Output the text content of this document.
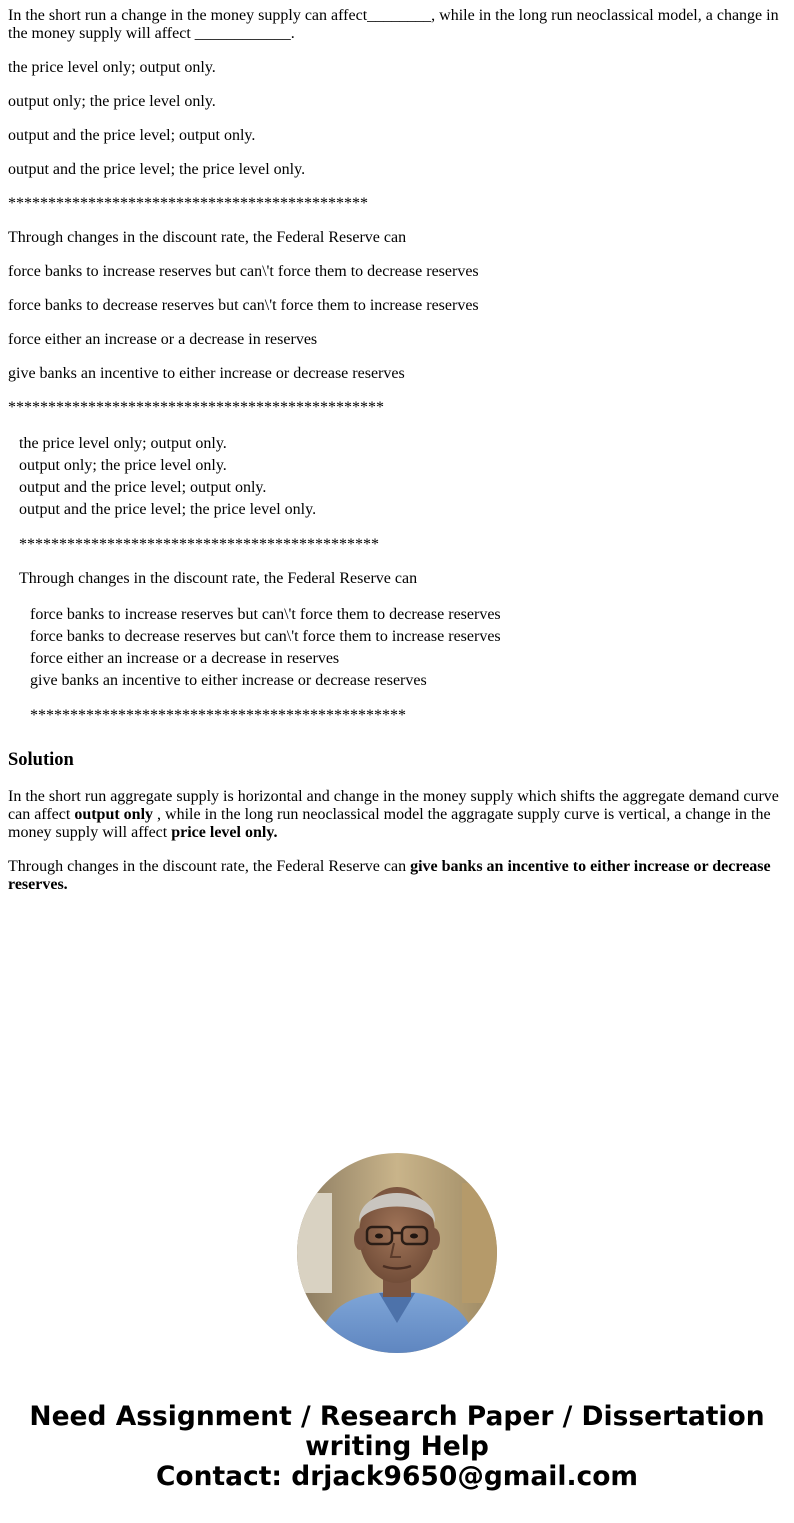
In the short run a change in the money supply can affect________, while in the long run neoclassical model, a change in the money supply will affect ____________.

the price level only; output only.

output only; the price level only.

output and the price level; output only.

output and the price level; the price level only.

*********************************************

Through changes in the discount rate, the Federal Reserve can

force banks to increase reserves but can\'t force them to decrease reserves

force banks to decrease reserves but can\'t force them to increase reserves

force either an increase or a decrease in reserves

give banks an incentive to either increase or decrease reserves

***********************************************

the price level only; output only.

output only; the price level only.

output and the price level; output only.

output and the price level; the price level only.

*********************************************

Through changes in the discount rate, the Federal Reserve can

force banks to increase reserves but can\'t force them to decrease reserves

force banks to decrease reserves but can\'t force them to increase reserves

force either an increase or a decrease in reserves

give banks an incentive to either increase or decrease reserves

***********************************************

Solution

In the short run aggregate supply is horizontal and change in the money supply which shifts the aggregate demand curve can affect output only , while in the long run neoclassical model the aggragate supply curve is vertical, a change in the money supply will affect price level only.

Through changes in the discount rate, the Federal Reserve can give banks an incentive to either increase or decrease reserves.

Need Assignment / Research Paper / Dissertation
writing Help
Contact: drjack9650@gmail.com
